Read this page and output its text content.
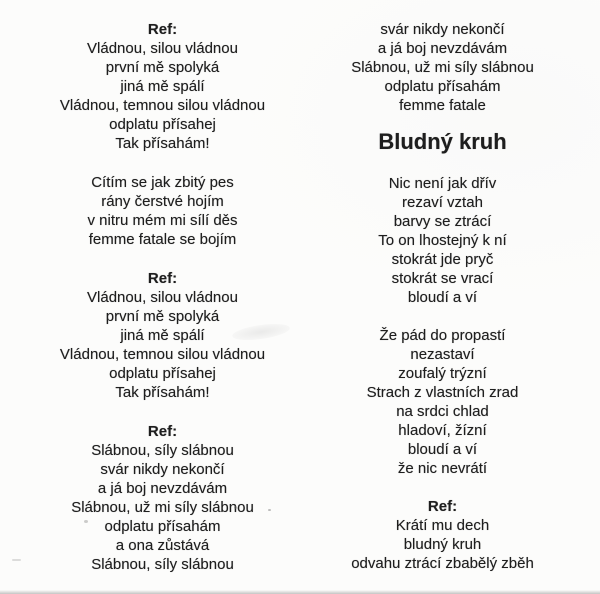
Ref:
Vládnou, silou vládnou
první mě spolyká
jiná mě spálí
Vládnou, temnou silou vládnou
odplatu přísahej
Tak přísahám!
Cítím se jak zbitý pes
rány čerstvé hojím
v nitru mém mi sílí děs
femme fatale se bojím
Ref:
Vládnou, silou vládnou
první mě spolyká
jiná mě spálí
Vládnou, temnou silou vládnou
odplatu přísahej
Tak přísahám!
Ref:
Slábnou, síly slábnou
svár nikdy nekončí
a já boj nevzdávám
Slábnou, už mi síly slábnou
odplatu přísahám
a ona zůstává
Slábnou, síly slábnou
svár nikdy nekončí
a já boj nevzdávám
Slábnou, už mi síly slábnou
odplatu přísahám
femme fatale
Bludný kruh
Nic není jak dřív
rezaví vztah
barvy se ztrácí
To on lhostejný k ní
stokrát jde pryč
stokrát se vrací
bloudí a ví
Že pád do propastí
nezastaví
zoufalý trýzní
Strach z vlastních zrad
na srdci chlad
hladoví, žízní
bloudí a ví
že nic nevrátí
Ref:
Krátí mu dech
bludný kruh
odvahu ztrácí zbabělý zběh
